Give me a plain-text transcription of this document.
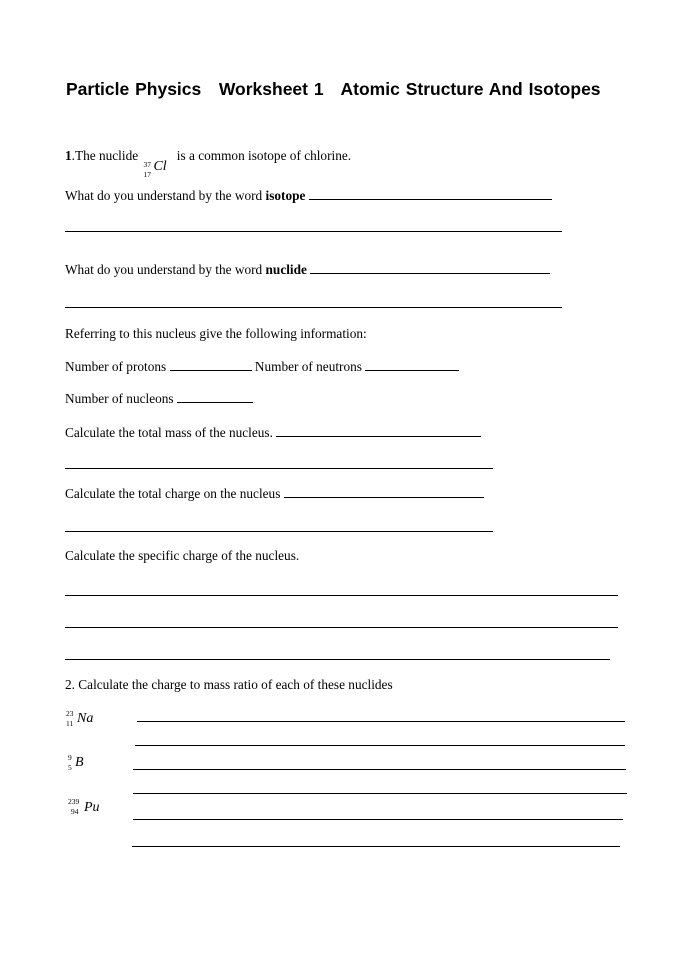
Particle Physics   Worksheet 1   Atomic Structure And Isotopes
1.The nuclide
37
17
Cl
is a common isotope of chlorine.
What do you understand by the word isotope
What do you understand by the word nuclide
Referring to this nucleus give the following information:
Number of protons	Number of neutrons
Number of nucleons
Calculate the total mass of the nucleus.
Calculate the total charge on the nucleus
Calculate the specific charge of the nucleus.
2. Calculate the charge to mass ratio of each of these nuclides
23
11 Na
9
5 B
239
94 Pu
